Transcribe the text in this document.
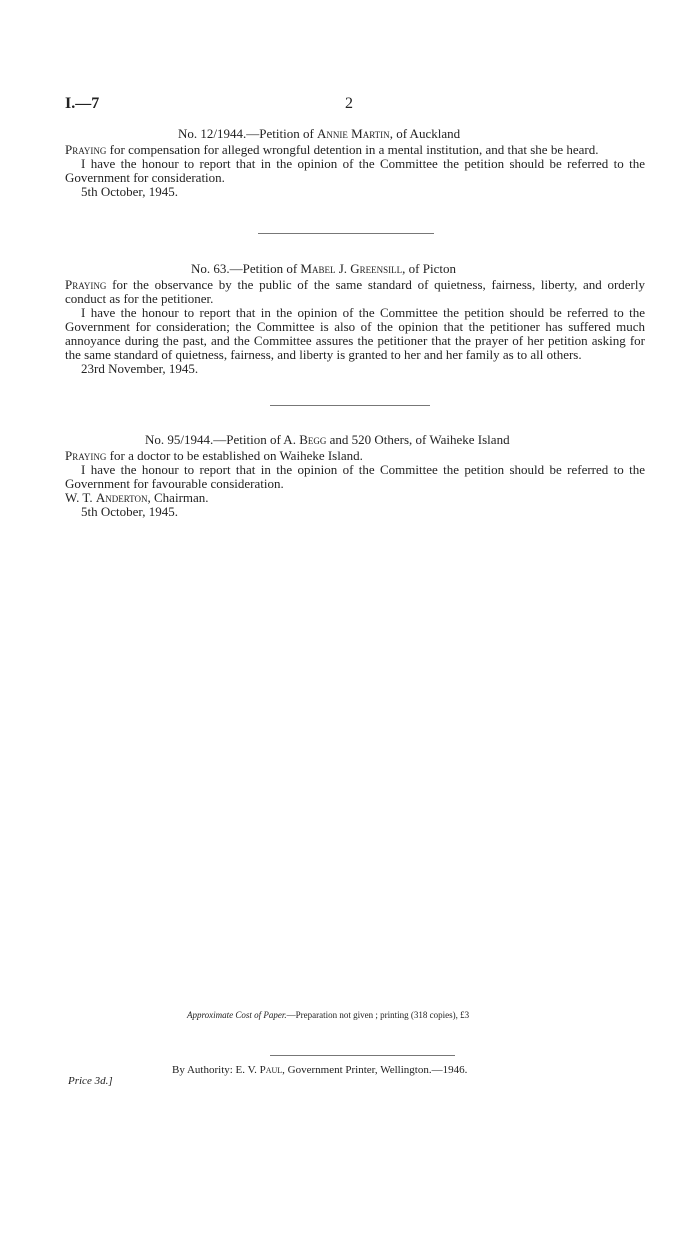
I.—7	2
No. 12/1944.—Petition of Annie Martin, of Auckland

Praying for compensation for alleged wrongful detention in a mental institution, and that she be heard.

I have the honour to report that in the opinion of the Committee the petition should be referred to the Government for consideration.

5th October, 1945.

No. 63.—Petition of Mabel J. Greensill, of Picton

Praying for the observance by the public of the same standard of quietness, fairness, liberty, and orderly conduct as for the petitioner.

I have the honour to report that in the opinion of the Committee the petition should be referred to the Government for consideration; the Committee is also of the opinion that the petitioner has suffered much annoyance during the past, and the Committee assures the petitioner that the prayer of her petition asking for the same standard of quietness, fairness, and liberty is granted to her and her family as to all others.

23rd November, 1945.

No. 95/1944.—Petition of A. Begg and 520 Others, of Waiheke Island

Praying for a doctor to be established on Waiheke Island.

I have the honour to report that in the opinion of the Committee the petition should be referred to the Government for favourable consideration.

W. T. Anderton, Chairman.

5th October, 1945.

Approximate Cost of Paper.—Preparation not given ; printing (318 copies), £3
By Authority: E. V. Paul, Government Printer, Wellington.—1946.
Price 3d.]
